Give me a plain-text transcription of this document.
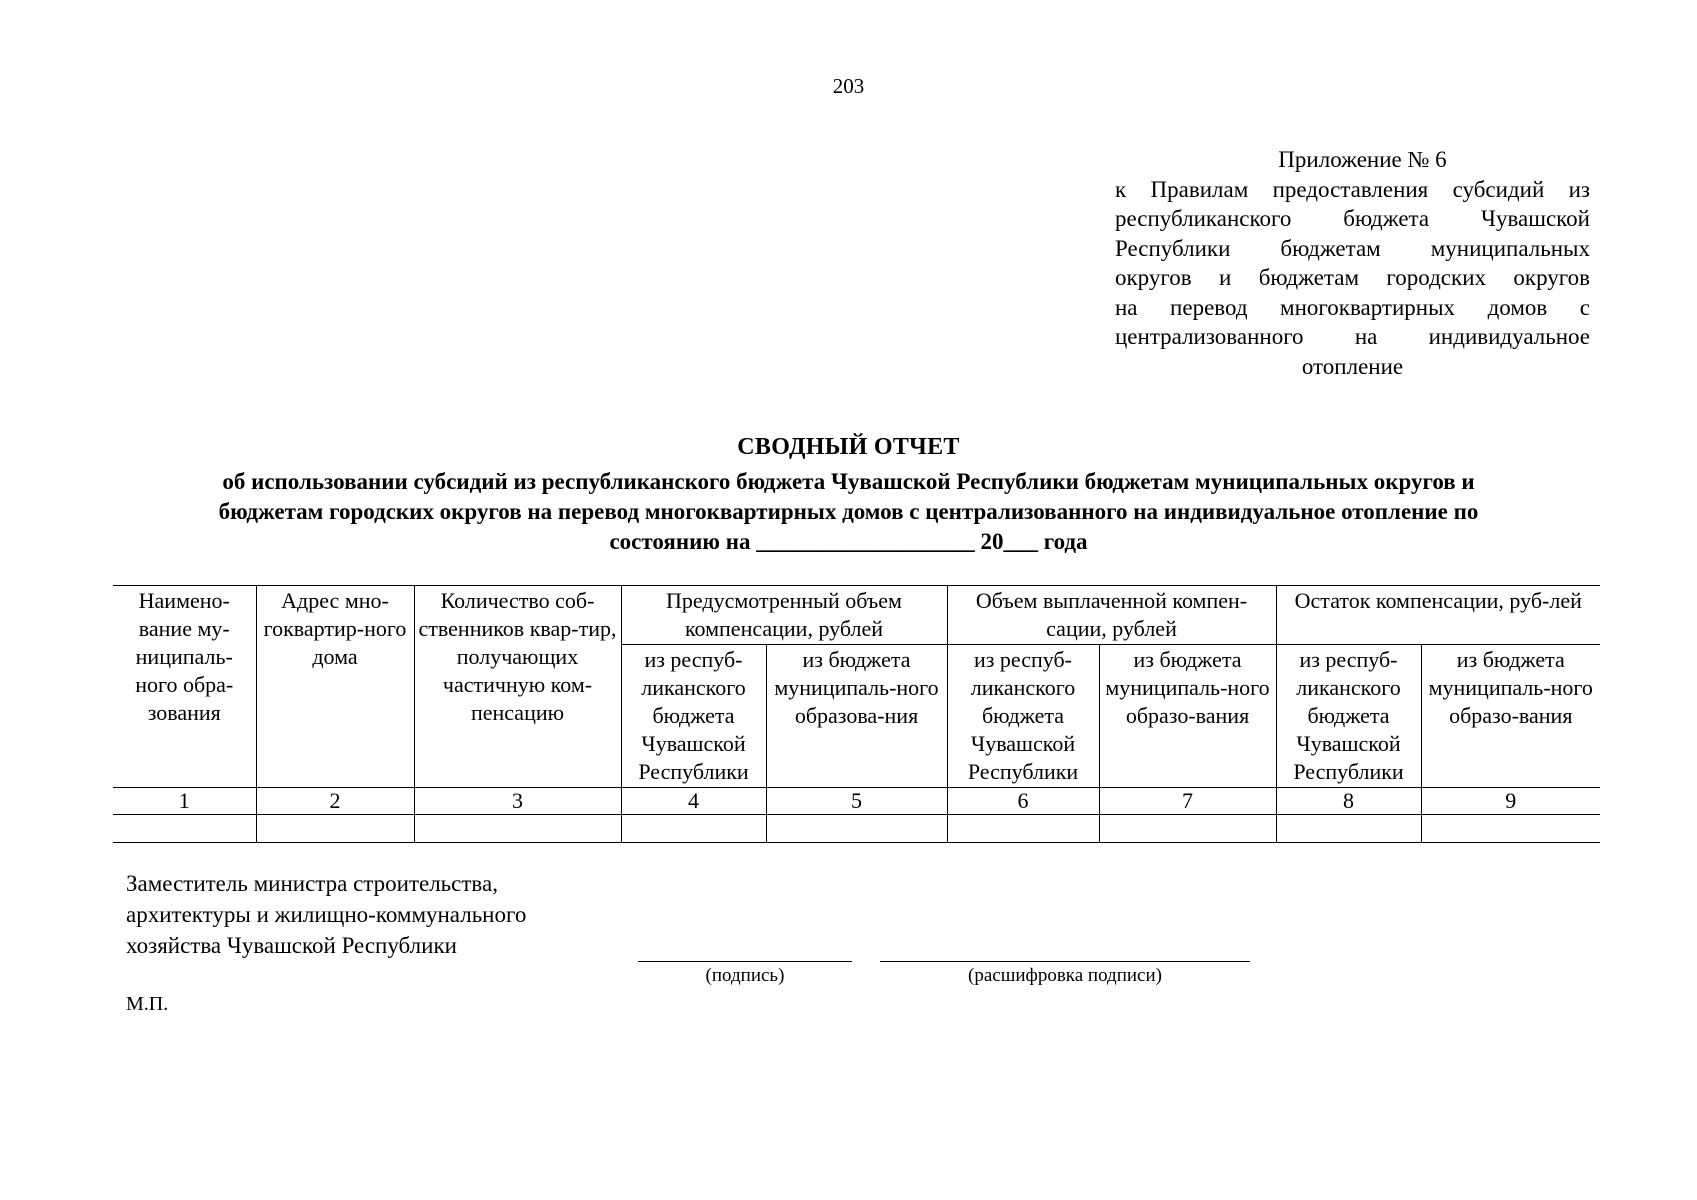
203
Приложение № 6
к Правилам предоставления субсидий из
республиканского бюджета Чувашской
Республики бюджетам муниципальных
округов и бюджетам городских округов
на перевод многоквартирных домов с
централизованного на индивидуальное
отопление
СВОДНЫЙ ОТЧЕТ
об использовании субсидий из республиканского бюджета Чувашской Республики бюджетам муниципальных округов и
бюджетам городских округов на перевод многоквартирных домов с централизованного на индивидуальное отопление по
состоянию на ___________________ 20___ года
Наимено-вание му-ниципаль-ного обра-зования	Адрес мно-гоквартир-ного дома	Количество соб-ственников квар-тир, получающих частичную ком-пенсацию	Предусмотренный объем компенсации, рублей		Объем выплаченной компен-сации, рублей		Остаток компенсации, руб-лей	
			из респуб-ликанского бюджета Чувашской Республики	из бюджета муниципаль-ного образова-ния	из респуб-ликанского бюджета Чувашской Республики	из бюджета муниципаль-ного образо-вания	из респуб-ликанского бюджета Чувашской Республики	из бюджета муниципаль-ного образо-вания
1	2	3	4	5	6	7	8	9

Заместитель министра строительства,
архитектуры и жилищно-коммунального
хозяйства Чувашской Республики
(подпись)	(расшифровка подписи)
М.П.
